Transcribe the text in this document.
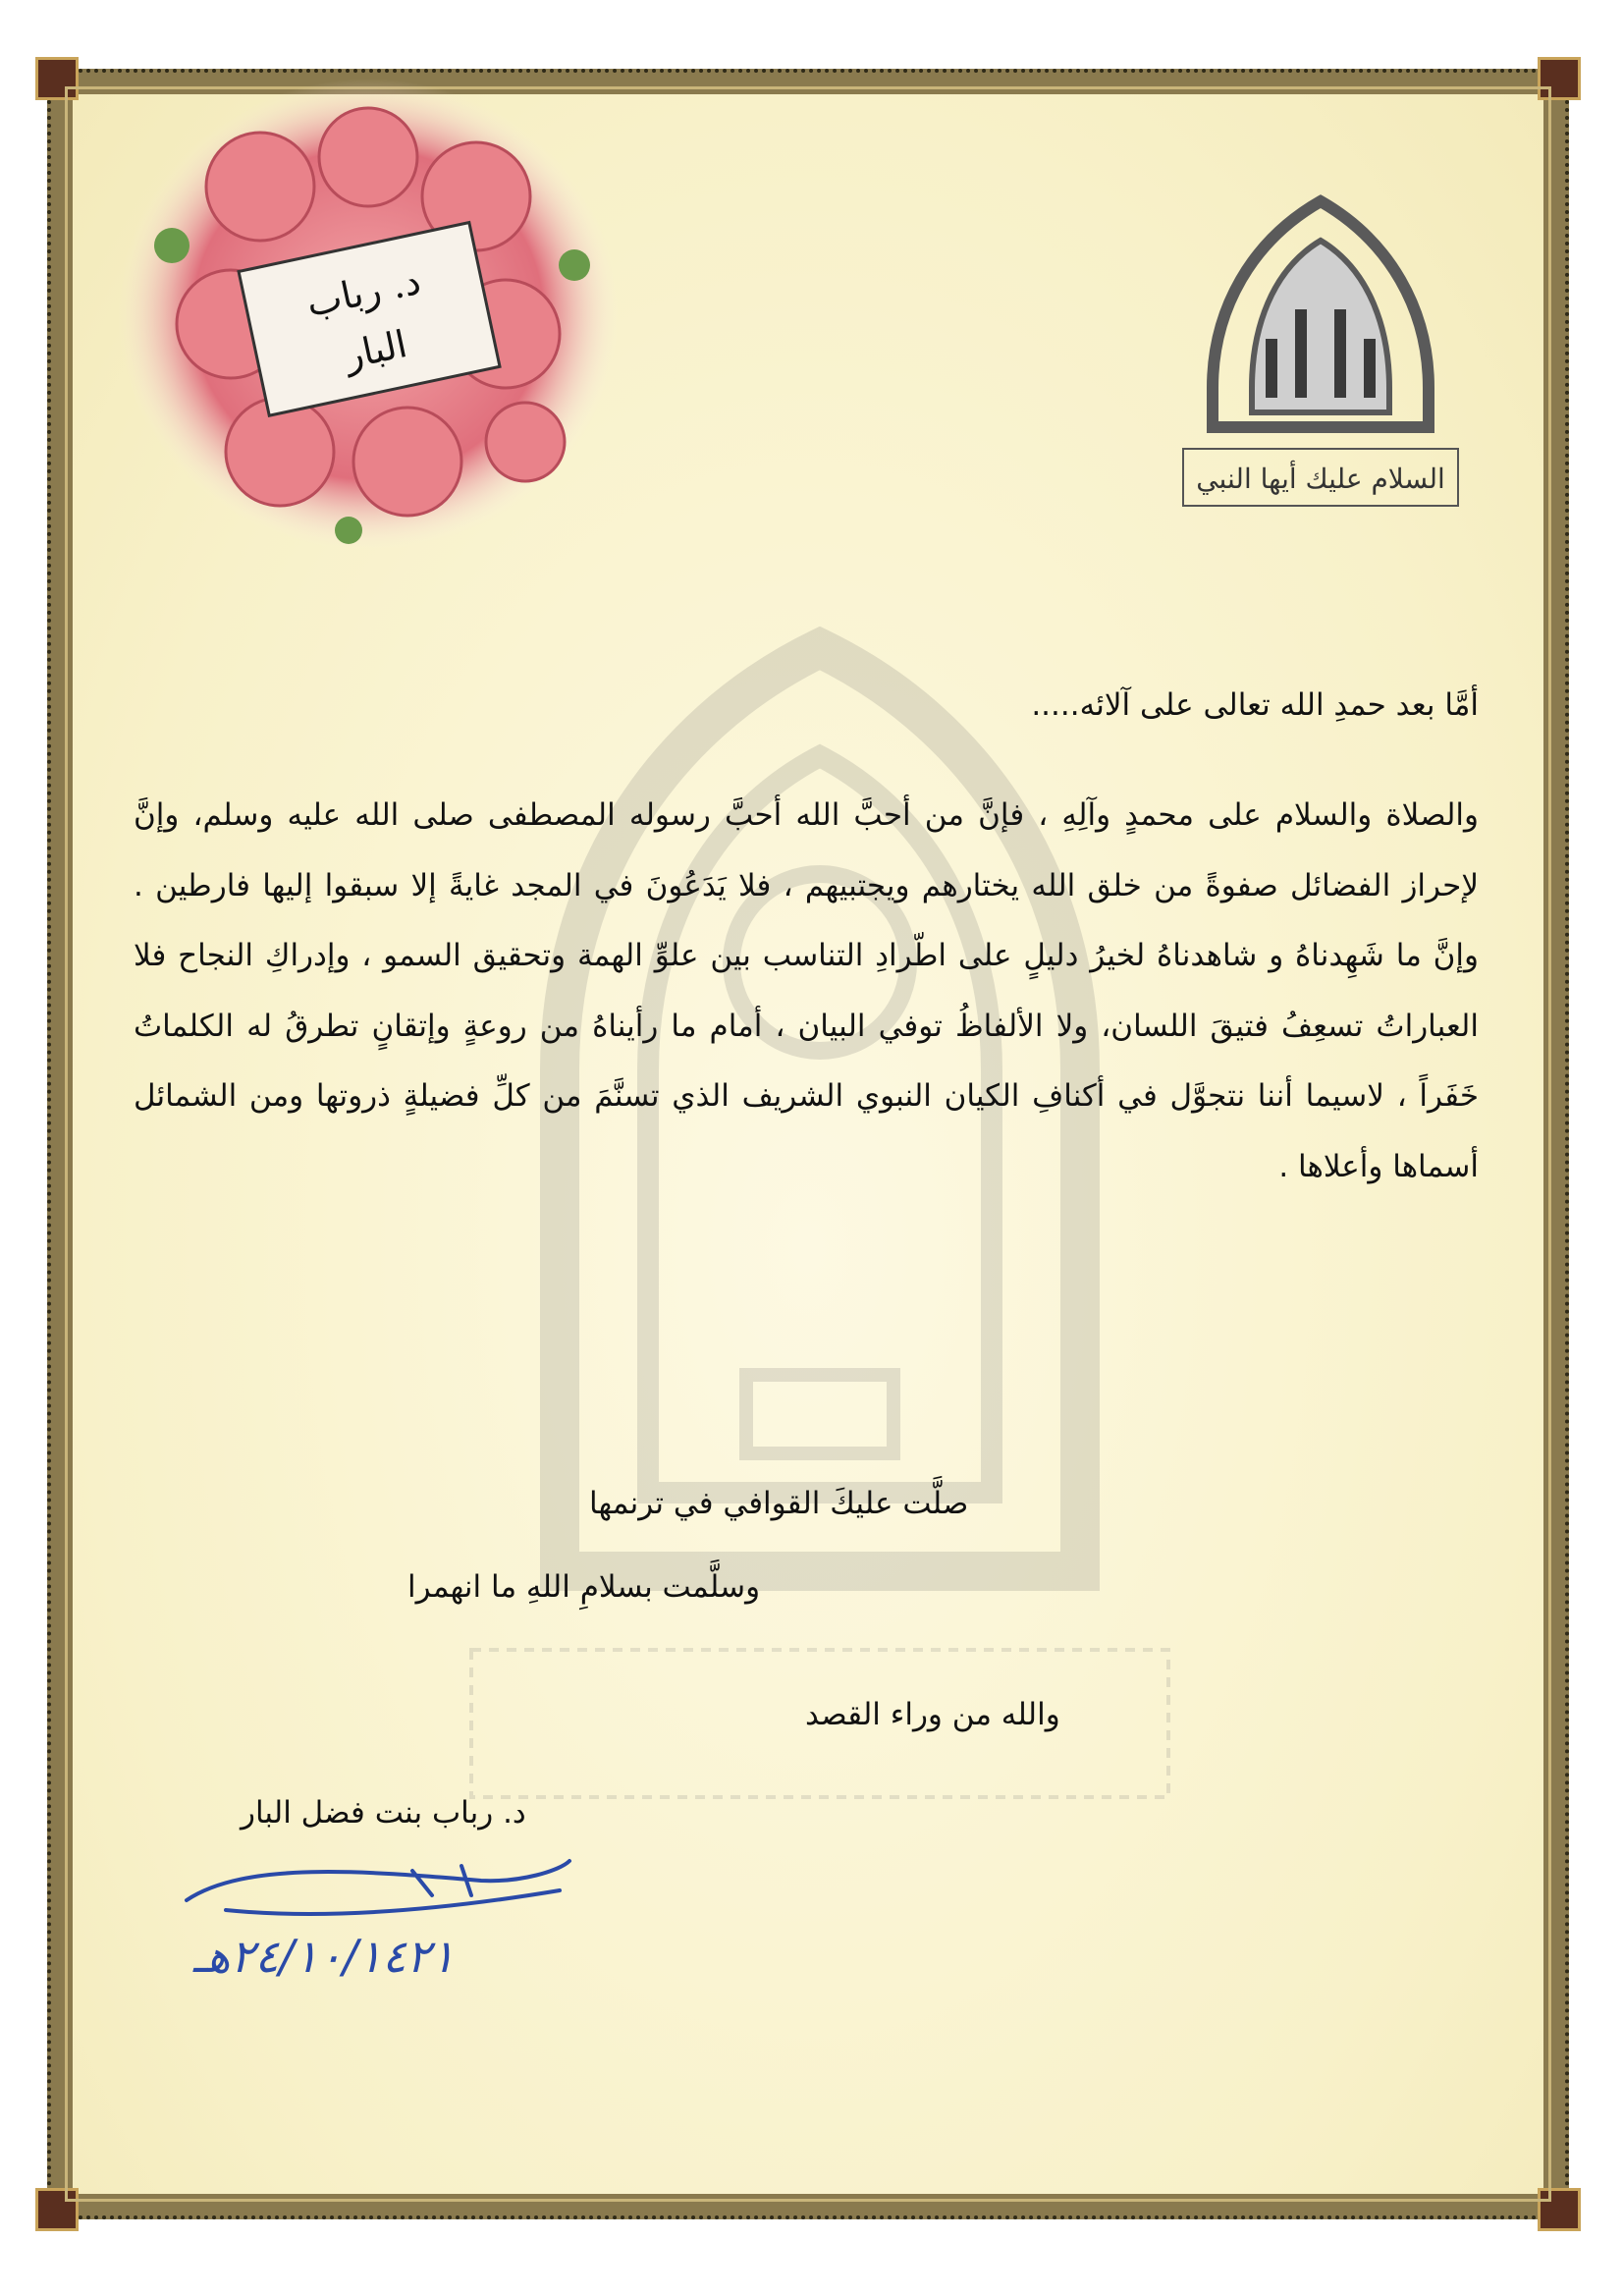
د. رباب
البار
السلام عليك أيها النبي
أمَّا بعد حمدِ الله تعالى على آلائه.....
والصلاة والسلام على محمدٍ وآلِهِ ، فإنَّ من أحبَّ الله أحبَّ رسوله المصطفى صلى الله عليه وسلم، وإنَّ لإحراز الفضائل صفوةً من خلق الله يختارهم ويجتبيهم ، فلا يَدَعُونَ في المجد غايةً إلا سبقوا إليها فارطين . وإنَّ ما شَهِدناهُ و شاهدناهُ لخيرُ دليلٍ على اطّرادِ التناسب بين علوِّ الهمة وتحقيق السمو ، وإدراكِ النجاح فلا العباراتُ تسعِفُ فتيقَ اللسان، ولا الألفاظُ توفي البيان ، أمام ما رأيناهُ من روعةٍ وإتقانٍ تطرقُ له الكلماتُ خَفَراً ، لاسيما أننا نتجوَّل في أكنافِ الكيان النبوي الشريف الذي تسنَّمَ من كلِّ فضيلةٍ ذروتها ومن الشمائل أسماها وأعلاها .
صلَّت عليكَ القوافي في ترنمها
وسلَّمت بسلامِ اللهِ ما انهمرا
والله من وراء القصد
د. رباب بنت فضل البار
٢٤/١٠/١٤٢١هـ
